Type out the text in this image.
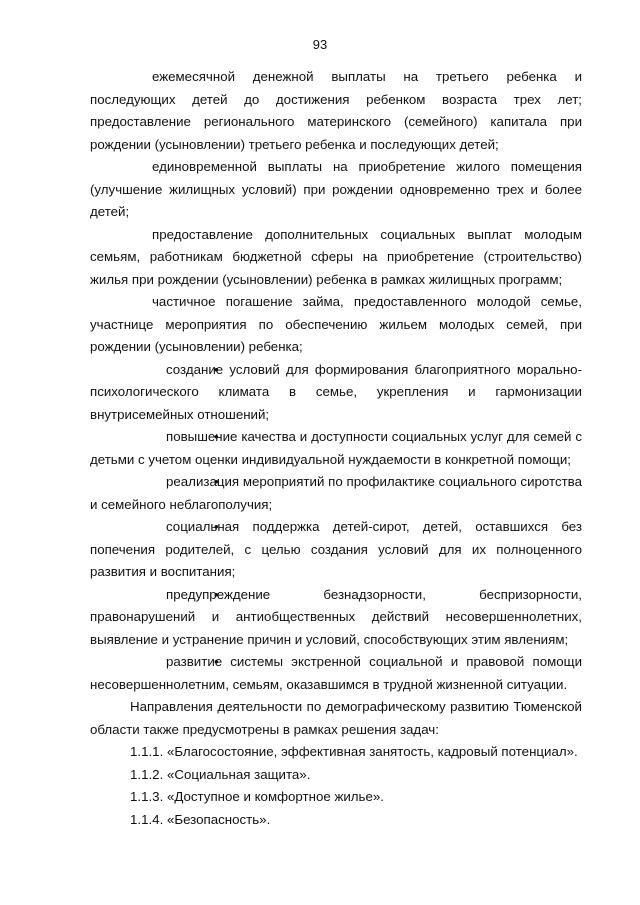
93

ежемесячной денежной выплаты на третьего ребенка и последующих детей до достижения ребенком возраста трех лет; предоставление регионального материнского (семейного) капитала при рождении (усыновлении) третьего ребенка и последующих детей;

единовременной выплаты на приобретение жилого помещения (улучшение жилищных условий) при рождении одновременно трех и более детей;

предоставление дополнительных социальных выплат молодым семьям, работникам бюджетной сферы на приобретение (строительство) жилья при рождении (усыновлении) ребенка в рамках жилищных программ;

частичное погашение займа, предоставленного молодой семье, участнице мероприятия по обеспечению жильем молодых семей, при рождении (усыновлении) ребенка;

• создание условий для формирования благоприятного морально-психологического климата в семье, укрепления и гармонизации внутрисемейных отношений;

• повышение качества и доступности социальных услуг для семей с детьми с учетом оценки индивидуальной нуждаемости в конкретной помощи;

• реализация мероприятий по профилактике социального сиротства и семейного неблагополучия;

• социальная поддержка детей-сирот, детей, оставшихся без попечения родителей, с целью создания условий для их полноценного развития и воспитания;

• предупреждение безнадзорности, беспризорности, правонарушений и антиобщественных действий несовершеннолетних, выявление и устранение причин и условий, способствующих этим явлениям;

• развитие системы экстренной социальной и правовой помощи несовершеннолетним, семьям, оказавшимся в трудной жизненной ситуации.

Направления деятельности по демографическому развитию Тюменской области также предусмотрены в рамках решения задач:

1.1.1. «Благосостояние, эффективная занятость, кадровый потенциал».

1.1.2. «Социальная защита».

1.1.3. «Доступное и комфортное жилье».

1.1.4. «Безопасность».
